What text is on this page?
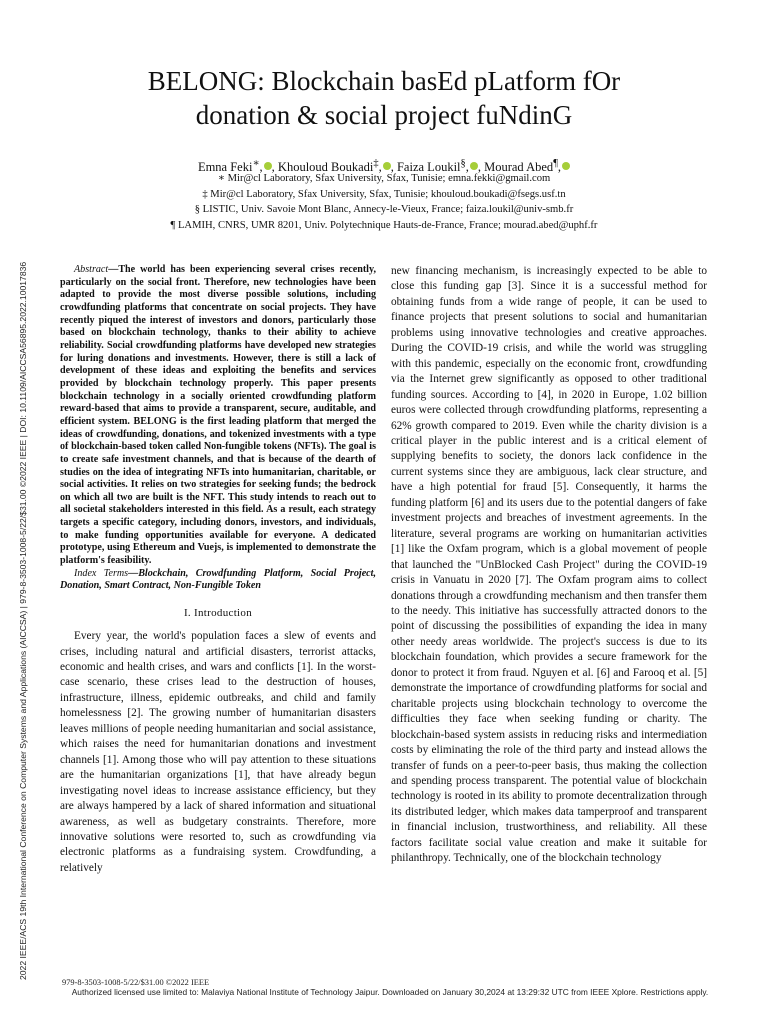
2022 IEEE/ACS 19th International Conference on Computer Systems and Applications (AICCSA) | 979-8-3503-1008-5/22/$31.00 ©2022 IEEE | DOI: 10.1109/AICCSA56895.2022.10017836
BELONG: Blockchain basEd pLatform fOr
donation & social project fuNdinG
Emna Feki∗, , Khouloud Boukadi‡, , Faiza Loukil§, , Mourad Abed¶,
∗ Mir@cl Laboratory, Sfax University, Sfax, Tunisie; emna.fekki@gmail.com
‡ Mir@cl Laboratory, Sfax University, Sfax, Tunisie; khouloud.boukadi@fsegs.usf.tn
§ LISTIC, Univ. Savoie Mont Blanc, Annecy-le-Vieux, France; faiza.loukil@univ-smb.fr
¶ LAMIH, CNRS, UMR 8201, Univ. Polytechnique Hauts-de-France, France; mourad.abed@uphf.fr

Abstract—The world has been experiencing several crises recently, particularly on the social front. Therefore, new technologies have been adapted to provide the most diverse possible solutions, including crowdfunding platforms that concentrate on social projects. They have recently piqued the interest of investors and donors, particularly those based on blockchain technology, thanks to their ability to achieve reliability. Social crowdfunding platforms have developed new strategies for luring donations and investments. However, there is still a lack of development of these ideas and exploiting the benefits and services provided by blockchain technology properly. This paper presents blockchain technology in a socially oriented crowdfunding platform reward-based that aims to provide a transparent, secure, auditable, and efficient system. BELONG is the first leading platform that merged the ideas of crowdfunding, donations, and tokenized investments with a type of blockchain-based token called Non-fungible tokens (NFTs). The goal is to create safe investment channels, and that is because of the dearth of studies on the idea of integrating NFTs into humanitarian, charitable, or social activities. It relies on two strategies for seeking funds; the bedrock on which all two are built is the NFT. This study intends to reach out to all societal stakeholders interested in this field. As a result, each strategy targets a specific category, including donors, investors, and individuals, to make funding opportunities available for everyone. A dedicated prototype, using Ethereum and Vuejs, is implemented to demonstrate the platform's feasibility.

Index Terms—Blockchain, Crowdfunding Platform, Social Project, Donation, Smart Contract, Non-Fungible Token

I. Introduction

Every year, the world's population faces a slew of events and crises, including natural and artificial disasters, terrorist attacks, economic and health crises, and wars and conflicts [1]. In the worst-case scenario, these crises lead to the destruction of houses, infrastructure, illness, epidemic outbreaks, and child and family homelessness [2]. The growing number of humanitarian disasters leaves millions of people needing humanitarian and social assistance, which raises the need for humanitarian donations and investment channels [1]. Among those who will pay attention to these situations are the humanitarian organizations [1], that have already begun investigating novel ideas to increase assistance efficiency, but they are always hampered by a lack of shared information and situational awareness, as well as budgetary constraints. Therefore, more innovative solutions were resorted to, such as crowdfunding via electronic platforms as a fundraising system. Crowdfunding, a relatively

new financing mechanism, is increasingly expected to be able to close this funding gap [3]. Since it is a successful method for obtaining funds from a wide range of people, it can be used to finance projects that present solutions to social and humanitarian problems using innovative technologies and creative approaches. During the COVID-19 crisis, and while the world was struggling with this pandemic, especially on the economic front, crowdfunding via the Internet grew significantly as opposed to other traditional funding sources. According to [4], in 2020 in Europe, 1.02 billion euros were collected through crowdfunding platforms, representing a 62% growth compared to 2019. Even while the charity division is a critical player in the public interest and is a critical element of supplying benefits to society, the donors lack confidence in the current systems since they are ambiguous, lack clear structure, and have a high potential for fraud [5]. Consequently, it harms the funding platform [6] and its users due to the potential dangers of fake investment projects and breaches of investment agreements. In the literature, several programs are working on humanitarian activities [1] like the Oxfam program, which is a global movement of people that launched the "UnBlocked Cash Project" during the COVID-19 crisis in Vanuatu in 2020 [7]. The Oxfam program aims to collect donations through a crowdfunding mechanism and then transfer them to the needy. This initiative has successfully attracted donors to the point of discussing the possibilities of expanding the idea in many other needy areas worldwide. The project's success is due to its blockchain foundation, which provides a secure framework for the donor to protect it from fraud. Nguyen et al. [6] and Farooq et al. [5] demonstrate the importance of crowdfunding platforms for social and charitable projects using blockchain technology to overcome the difficulties they face when seeking funding or charity. The blockchain-based system assists in reducing risks and intermediation costs by eliminating the role of the third party and instead allows the transfer of funds on a peer-to-peer basis, thus making the collection and spending process transparent. The potential value of blockchain technology is rooted in its ability to promote decentralization through its distributed ledger, which makes data tamperproof and transparent in financial inclusion, trustworthiness, and reliability. All these factors facilitate social value creation and make it suitable for philanthropy. Technically, one of the blockchain technology

979-8-3503-1008-5/22/$31.00 ©2022 IEEE
Authorized licensed use limited to: Malaviya National Institute of Technology Jaipur. Downloaded on January 30,2024 at 13:29:32 UTC from IEEE Xplore. Restrictions apply.
